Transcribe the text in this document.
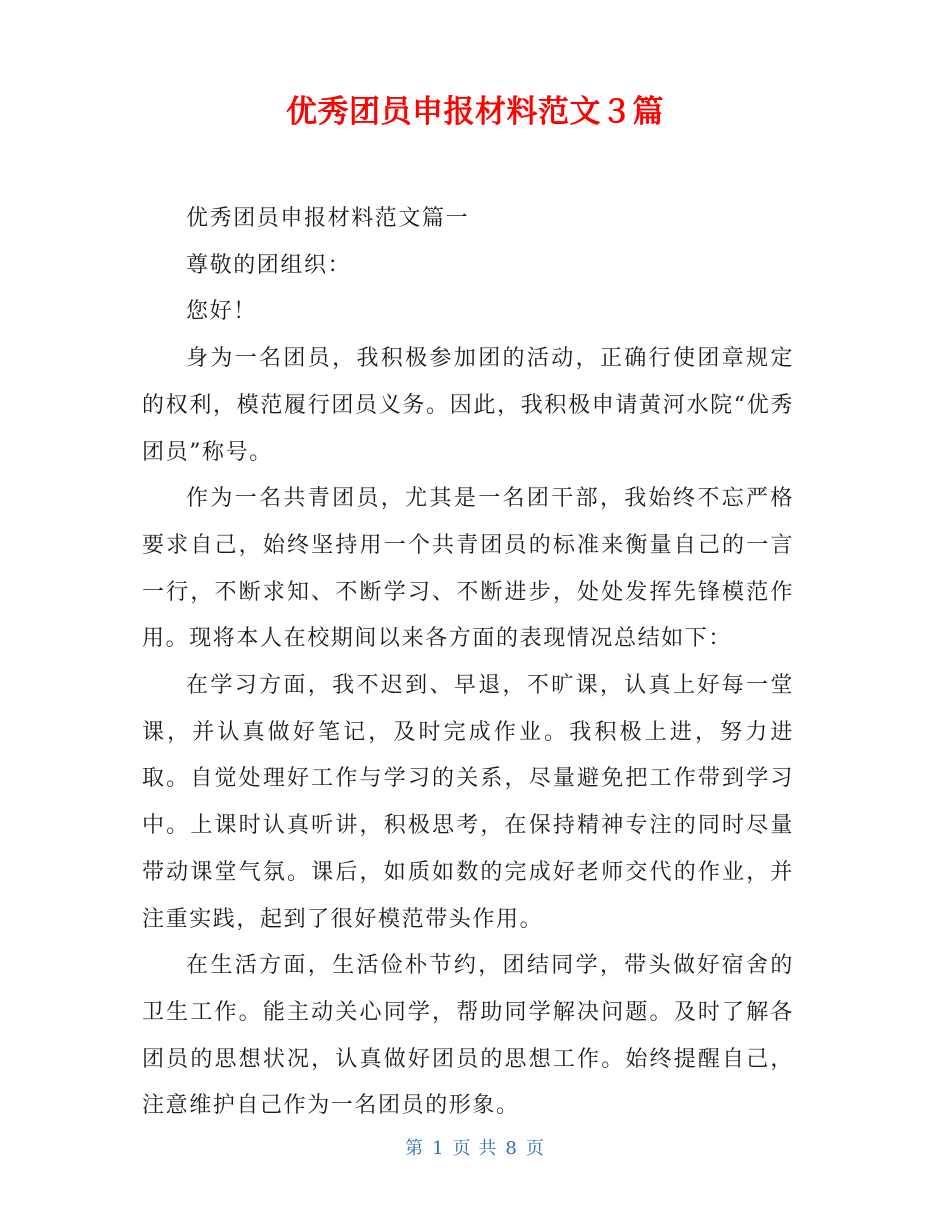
优秀团员申报材料范文３篇

优秀团员申报材料范文篇一

尊敬的团组织：

您好！

身为一名团员，我积极参加团的活动，正确行使团章规定的权利，模范履行团员义务。因此，我积极申请黄河水院“优秀团员”称号。

作为一名共青团员，尤其是一名团干部，我始终不忘严格要求自己，始终坚持用一个共青团员的标准来衡量自己的一言一行，不断求知、不断学习、不断进步，处处发挥先锋模范作用。现将本人在校期间以来各方面的表现情况总结如下：

在学习方面，我不迟到、早退，不旷课，认真上好每一堂课，并认真做好笔记，及时完成作业。我积极上进，努力进取。自觉处理好工作与学习的关系，尽量避免把工作带到学习中。上课时认真听讲，积极思考，在保持精神专注的同时尽量带动课堂气氛。课后，如质如数的完成好老师交代的作业，并注重实践，起到了很好模范带头作用。

在生活方面，生活俭朴节约，团结同学，带头做好宿舍的卫生工作。能主动关心同学，帮助同学解决问题。及时了解各团员的思想状况，认真做好团员的思想工作。始终提醒自己，注意维护自己作为一名团员的形象。

第 1 页 共 8 页
